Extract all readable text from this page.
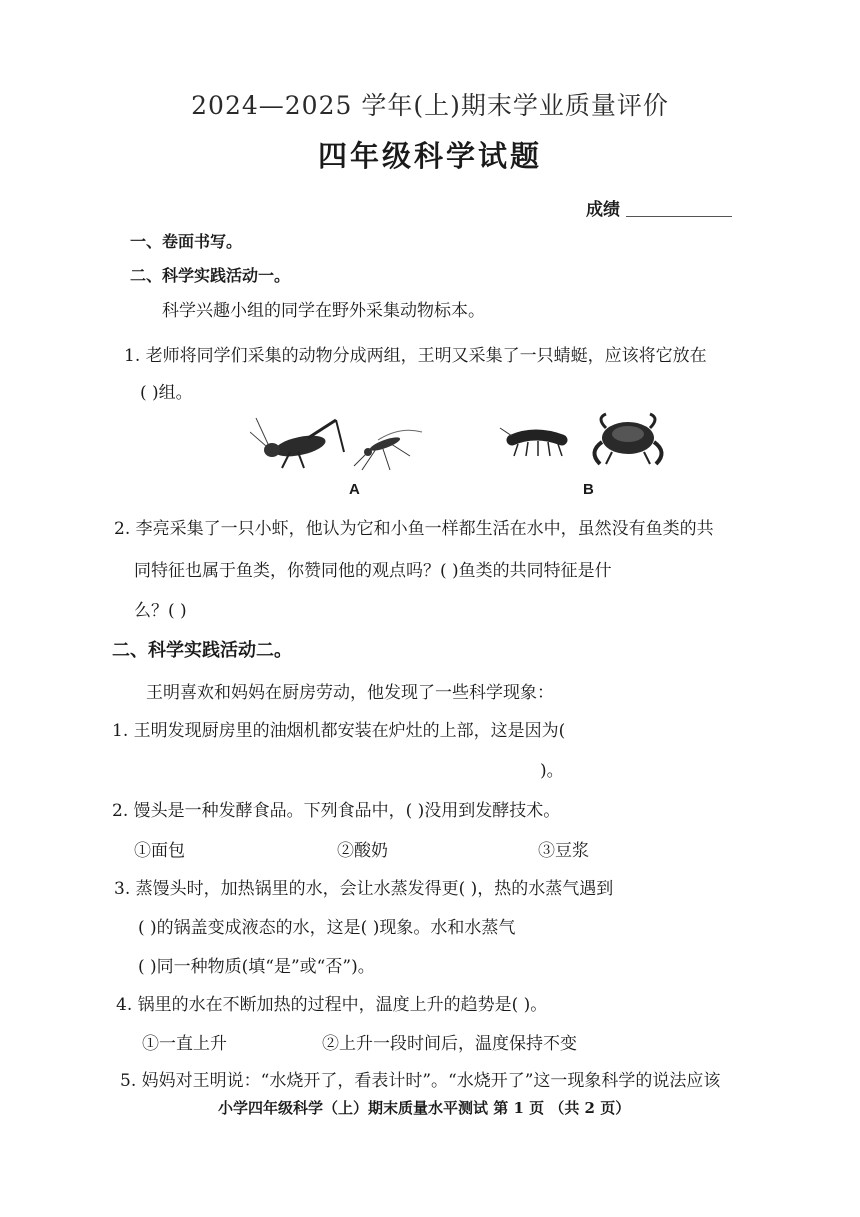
2024—2025 学年(上)期末学业质量评价
四年级科学试题
成绩
一、卷面书写。
二、科学实践活动一。
科学兴趣小组的同学在野外采集动物标本。
1. 老师将同学们采集的动物分成两组，王明又采集了一只蜻蜓，应该将它放在
( )组。
A	B
2. 李亮采集了一只小虾，他认为它和小鱼一样都生活在水中，虽然没有鱼类的共
同特征也属于鱼类，你赞同他的观点吗？( )鱼类的共同特征是什
么？( )
二、科学实践活动二。
王明喜欢和妈妈在厨房劳动，他发现了一些科学现象：
1. 王明发现厨房里的油烟机都安装在炉灶的上部，这是因为(
)。
2. 馒头是一种发酵食品。下列食品中，( )没用到发酵技术。
①面包	②酸奶	③豆浆
3. 蒸馒头时，加热锅里的水，会让水蒸发得更( )，热的水蒸气遇到
( )的锅盖变成液态的水，这是( )现象。水和水蒸气
( )同一种物质(填“是”或“否”)。
4. 锅里的水在不断加热的过程中，温度上升的趋势是( )。
①一直上升	②上升一段时间后，温度保持不变
5. 妈妈对王明说：“水烧开了，看表计时”。“水烧开了”这一现象科学的说法应该
小学四年级科学（上）期末质量水平测试 第 1 页 （共 2 页）
